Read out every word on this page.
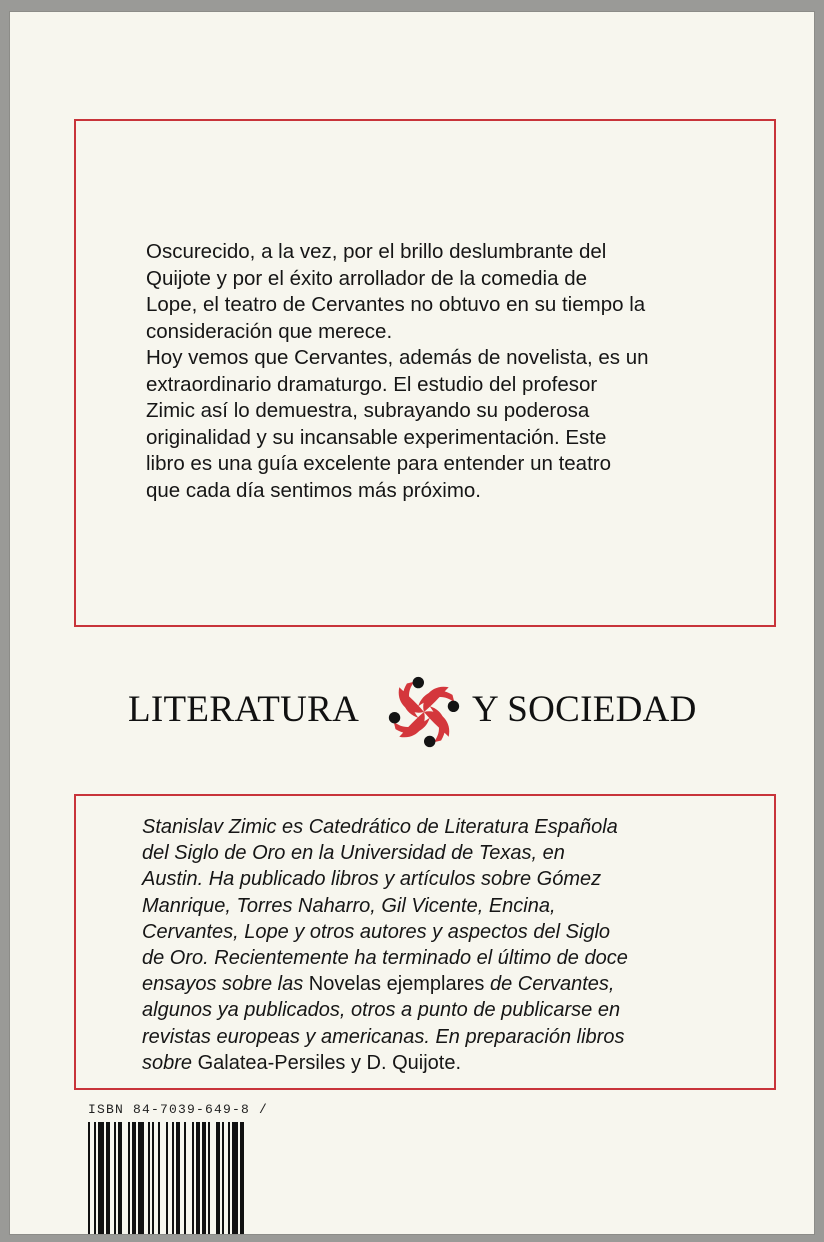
Oscurecido, a la vez, por el brillo deslumbrante del

Quijote y por el éxito arrollador de la comedia de

Lope, el teatro de Cervantes no obtuvo en su tiempo la

consideración que merece.

Hoy vemos que Cervantes, además de novelista, es un

extraordinario dramaturgo. El estudio del profesor

Zimic así lo demuestra, subrayando su poderosa

originalidad y su incansable experimentación. Este

libro es una guía excelente para entender un teatro

que cada día sentimos más próximo.

LITERATURA	Y SOCIEDAD
Stanislav Zimic es Catedrático de Literatura Española
del Siglo de Oro en la Universidad de Texas, en
Austin. Ha publicado libros y artículos sobre Gómez
Manrique, Torres Naharro, Gil Vicente, Encina,
Cervantes, Lope y otros autores y aspectos del Siglo
de Oro. Recientemente ha terminado el último de doce
ensayos sobre las Novelas ejemplares de Cervantes,
algunos ya publicados, otros a punto de publicarse en
revistas europeas y americanas. En preparación libros
sobre Galatea-Persiles y D. Quijote.
ISBN 84-7039-649-8 /
